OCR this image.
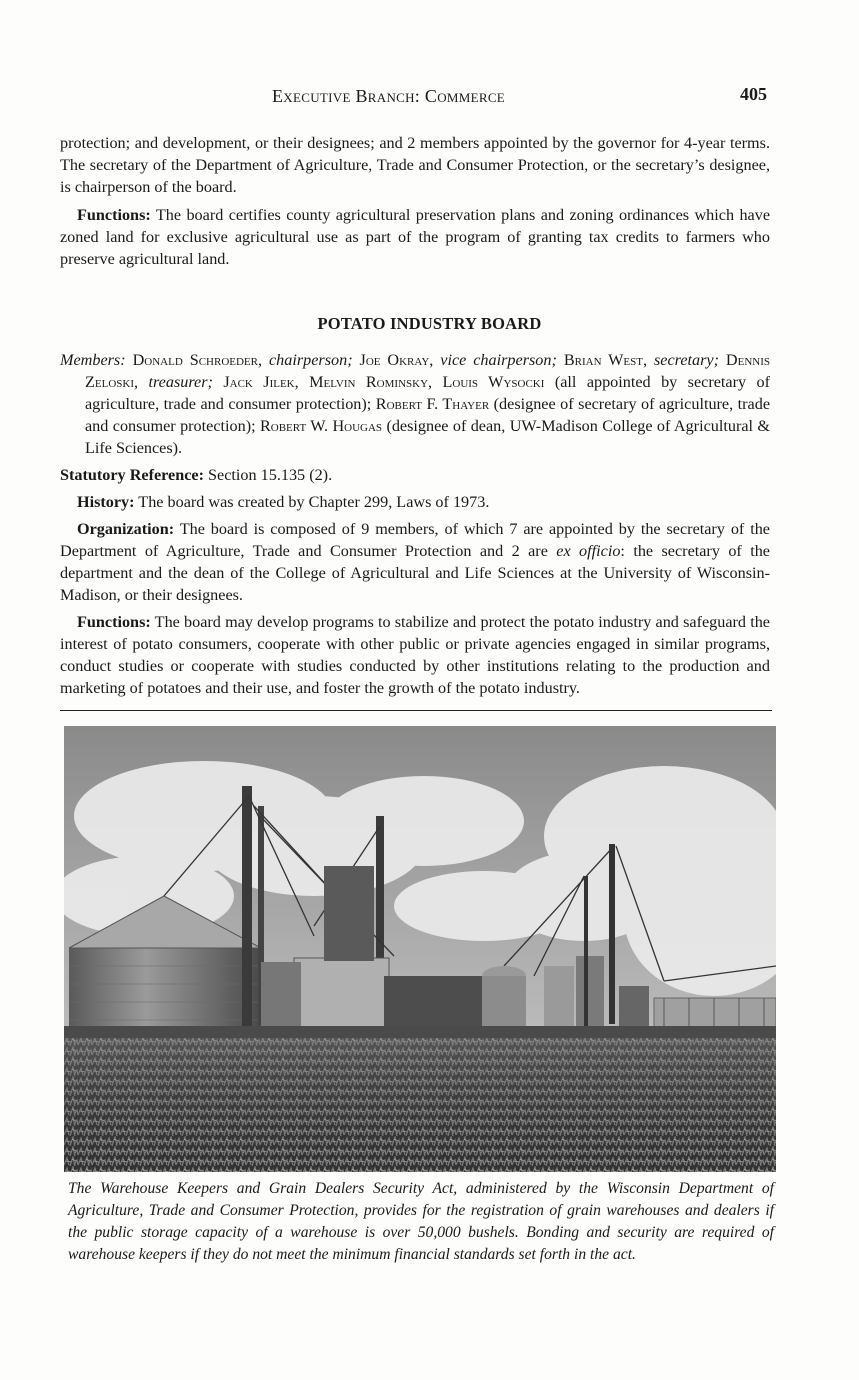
Executive Branch: Commerce	405

protection; and development, or their designees; and 2 members appointed by the governor for 4-year terms. The secretary of the Department of Agriculture, Trade and Consumer Protection, or the secretary’s designee, is chairperson of the board.

Functions: The board certifies county agricultural preservation plans and zoning ordinances which have zoned land for exclusive agricultural use as part of the program of granting tax credits to farmers who preserve agricultural land.

POTATO INDUSTRY BOARD

Members: Donald Schroeder, chairperson; Joe Okray, vice chairperson; Brian West, secretary; Dennis Zeloski, treasurer; Jack Jilek, Melvin Rominsky, Louis Wysocki (all appointed by secretary of agriculture, trade and consumer protection); Robert F. Thayer (designee of secretary of agriculture, trade and consumer protection); Robert W. Hougas (designee of dean, UW-Madison College of Agricultural & Life Sciences).

Statutory Reference: Section 15.135 (2).

History: The board was created by Chapter 299, Laws of 1973.

Organization: The board is composed of 9 members, of which 7 are appointed by the secretary of the Department of Agriculture, Trade and Consumer Protection and 2 are ex officio: the secretary of the department and the dean of the College of Agricultural and Life Sciences at the University of Wisconsin-Madison, or their designees.

Functions: The board may develop programs to stabilize and protect the potato industry and safeguard the interest of potato consumers, cooperate with other public or private agencies engaged in similar programs, conduct studies or cooperate with studies conducted by other institutions relating to the production and marketing of potatoes and their use, and foster the growth of the potato industry.

The Warehouse Keepers and Grain Dealers Security Act, administered by the Wisconsin Department of Agriculture, Trade and Consumer Protection, provides for the registration of grain warehouses and dealers if the public storage capacity of a warehouse is over 50,000 bushels. Bonding and security are required of warehouse keepers if they do not meet the minimum financial standards set forth in the act.
